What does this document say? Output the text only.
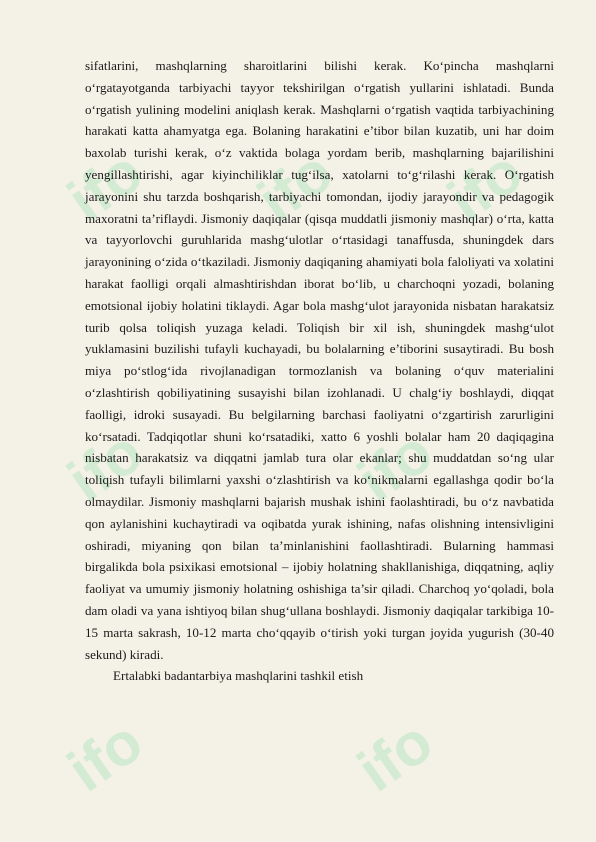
ifo ifo ifo
ifo	ifo
ifo	ifo

sifatlarini, mashqlarning sharoitlarini bilishi kerak. Ko‘pincha mashqlarni o‘rgatayotganda tarbiyachi tayyor tekshirilgan o‘rgatish yullarini ishlatadi. Bunda o‘rgatish yulining modelini aniqlash kerak. Mashqlarni o‘rgatish vaqtida tarbiyachining harakati katta ahamyatga ega. Bolaning harakatini e’tibor bilan kuzatib, uni har doim baxolab turishi kerak, o‘z vaktida bolaga yordam berib, mashqlarning bajarilishini yengillashtirishi, agar kiyinchiliklar tug‘ilsa, xatolarni to‘g‘rilashi kerak. O‘rgatish jarayonini shu tarzda boshqarish, tarbiyachi tomondan, ijodiy jarayondir va pedagogik maxoratni ta’riflaydi. Jismoniy daqiqalar (qisqa muddatli jismoniy mashqlar) o‘rta, katta va tayyorlovchi guruhlarida mashg‘ulotlar o‘rtasidagi tanaffusda, shuningdek dars jarayonining o‘zida o‘tkaziladi. Jismoniy daqiqaning ahamiyati bola faloliyati va xolatini harakat faolligi orqali almashtirishdan iborat bo‘lib, u charchoqni yozadi, bolaning emotsional ijobiy holatini tiklaydi. Agar bola mashg‘ulot jarayonida nisbatan harakatsiz turib qolsa toliqish yuzaga keladi. Toliqish bir xil ish, shuningdek mashg‘ulot yuklamasini buzilishi tufayli kuchayadi, bu bolalarning e’tiborini susaytiradi. Bu bosh miya po‘stlog‘ida rivojlanadigan tormozlanish va bolaning o‘quv materialini o‘zlashtirish qobiliyatining susayishi bilan izohlanadi. U chalg‘iy boshlaydi, diqqat faolligi, idroki susayadi. Bu belgilarning barchasi faoliyatni o‘zgartirish zarurligini ko‘rsatadi. Tadqiqotlar shuni ko‘rsatadiki, xatto 6 yoshli bolalar ham 20 daqiqagina nisbatan harakatsiz va diqqatni jamlab tura olar ekanlar; shu muddatdan so‘ng ular toliqish tufayli bilimlarni yaxshi o‘zlashtirish va ko‘nikmalarni egallashga qodir bo‘la olmaydilar. Jismoniy mashqlarni bajarish mushak ishini faolashtiradi, bu o‘z navbatida qon aylanishini kuchaytiradi va oqibatda yurak ishining, nafas olishning intensivligini oshiradi, miyaning qon bilan ta’minlanishini faollashtiradi. Bularning hammasi birgalikda bola psixikasi emotsional – ijobiy holatning shakllanishiga, diqqatning, aqliy faoliyat va umumiy jismoniy holatning oshishiga ta’sir qiladi. Charchoq yo‘qoladi, bola dam oladi va yana ishtiyoq bilan shug‘ullana boshlaydi. Jismoniy daqiqalar tarkibiga 10-15 marta sakrash, 10-12 marta cho‘qqayib o‘tirish yoki turgan joyida yugurish (30-40 sekund) kiradi.

Ertalabki badantarbiya mashqlarini tashkil etish
